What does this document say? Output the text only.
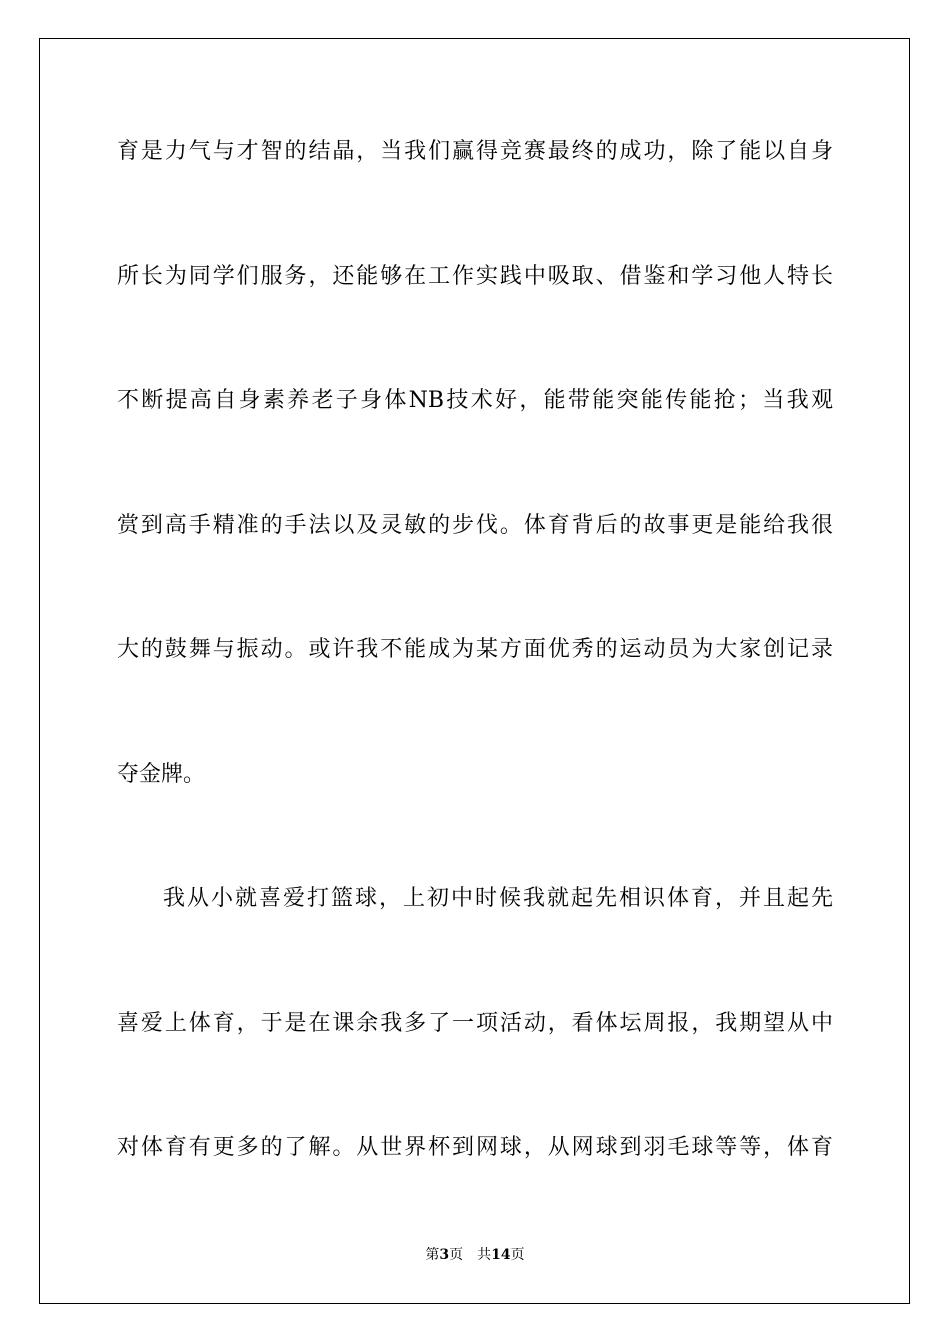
育是力气与才智的结晶，当我们赢得竞赛最终的成功，除了能以自身
所长为同学们服务，还能够在工作实践中吸取、借鉴和学习他人特长
不断提高自身素养老子身体NB技术好，能带能突能传能抢；当我观
赏到高手精准的手法以及灵敏的步伐。体育背后的故事更是能给我很
大的鼓舞与振动。或许我不能成为某方面优秀的运动员为大家创记录
夺金牌。
我从小就喜爱打篮球，上初中时候我就起先相识体育，并且起先
喜爱上体育，于是在课余我多了一项活动，看体坛周报，我期望从中
对体育有更多的了解。从世界杯到网球，从网球到羽毛球等等，体育
第3页 共14页
